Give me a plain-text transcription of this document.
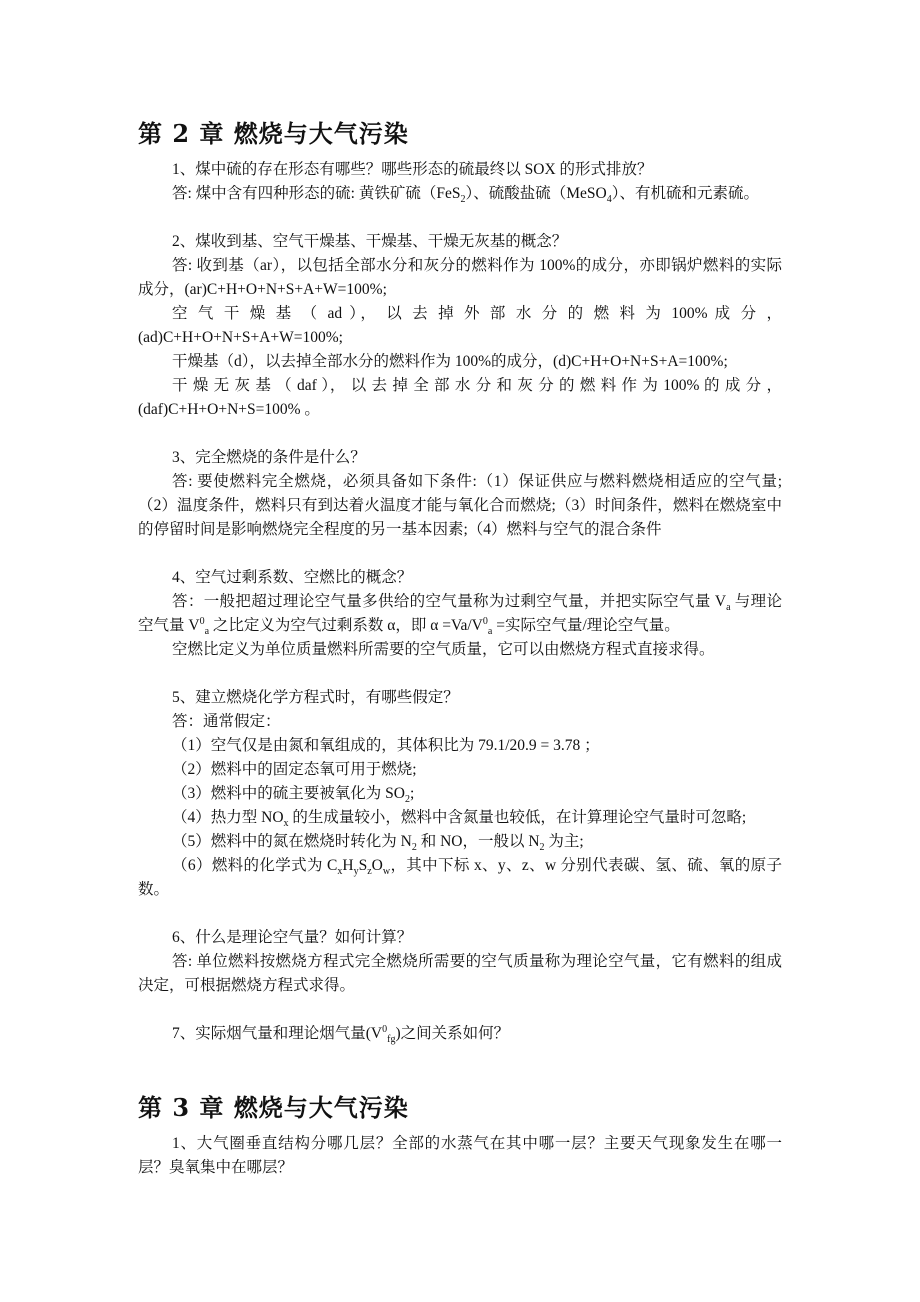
第 2 章 燃烧与大气污染

1、煤中硫的存在形态有哪些？哪些形态的硫最终以 SOX 的形式排放？

答: 煤中含有四种形态的硫: 黄铁矿硫（FeS$_2$）、硫酸盐硫（MeSO$_4$）、有机硫和元素硫。

2、煤收到基、空气干燥基、干燥基、干燥无灰基的概念？

答: 收到基（ar），以包括全部水分和灰分的燃料作为 100%的成分，亦即锅炉燃料的实际成分，(ar)C+H+O+N+S+A+W=100%;

空 气 干 燥 基 （ ad ）， 以 去 掉 外 部 水 分 的 燃 料 为 100% 成 分 ，

(ad)C+H+O+N+S+A+W=100%;

干燥基（d），以去掉全部水分的燃料作为 100%的成分，(d)C+H+O+N+S+A=100%;

干 燥 无 灰 基 （ daf ）， 以 去 掉 全 部 水 分 和 灰 分 的 燃 料 作 为 100% 的 成 分 ，

(daf)C+H+O+N+S=100% 。

3、完全燃烧的条件是什么？

答: 要使燃料完全燃烧，必须具备如下条件:（1）保证供应与燃料燃烧相适应的空气量;（2）温度条件，燃料只有到达着火温度才能与氧化合而燃烧;（3）时间条件，燃料在燃烧室中的停留时间是影响燃烧完全程度的另一基本因素;（4）燃料与空气的混合条件

4、空气过剩系数、空燃比的概念？

答：一般把超过理论空气量多供给的空气量称为过剩空气量，并把实际空气量 $V_a$ 与理论空气量 $V^0_a$ 之比定义为空气过剩系数 α，即 $\alpha =Va/V^0_a$ =实际空气量/理论空气量。

空燃比定义为单位质量燃料所需要的空气质量，它可以由燃烧方程式直接求得。

5、建立燃烧化学方程式时，有哪些假定？

答：通常假定：

（1）空气仅是由氮和氧组成的，其体积比为 79.1/20.9 = 3.78 ；

（2）燃料中的固定态氧可用于燃烧;

（3）燃料中的硫主要被氧化为 $SO_2$;

（4）热力型 $NO_x$ 的生成量较小，燃料中含氮量也较低，在计算理论空气量时可忽略;

（5）燃料中的氮在燃烧时转化为 $N_2$ 和 NO，一般以 $N_2$ 为主;

（6）燃料的化学式为 $C_xH_yS_zO_w$，其中下标 x、y、z、w 分别代表碳、氢、硫、氧的原子数。

6、什么是理论空气量？如何计算？

答: 单位燃料按燃烧方程式完全燃烧所需要的空气质量称为理论空气量，它有燃料的组成决定，可根据燃烧方程式求得。

7、实际烟气量和理论烟气量$(V^0_{fg})$之间关系如何？

第 3 章 燃烧与大气污染

1、大气圈垂直结构分哪几层？全部的水蒸气在其中哪一层？主要天气现象发生在哪一层？臭氧集中在哪层？
